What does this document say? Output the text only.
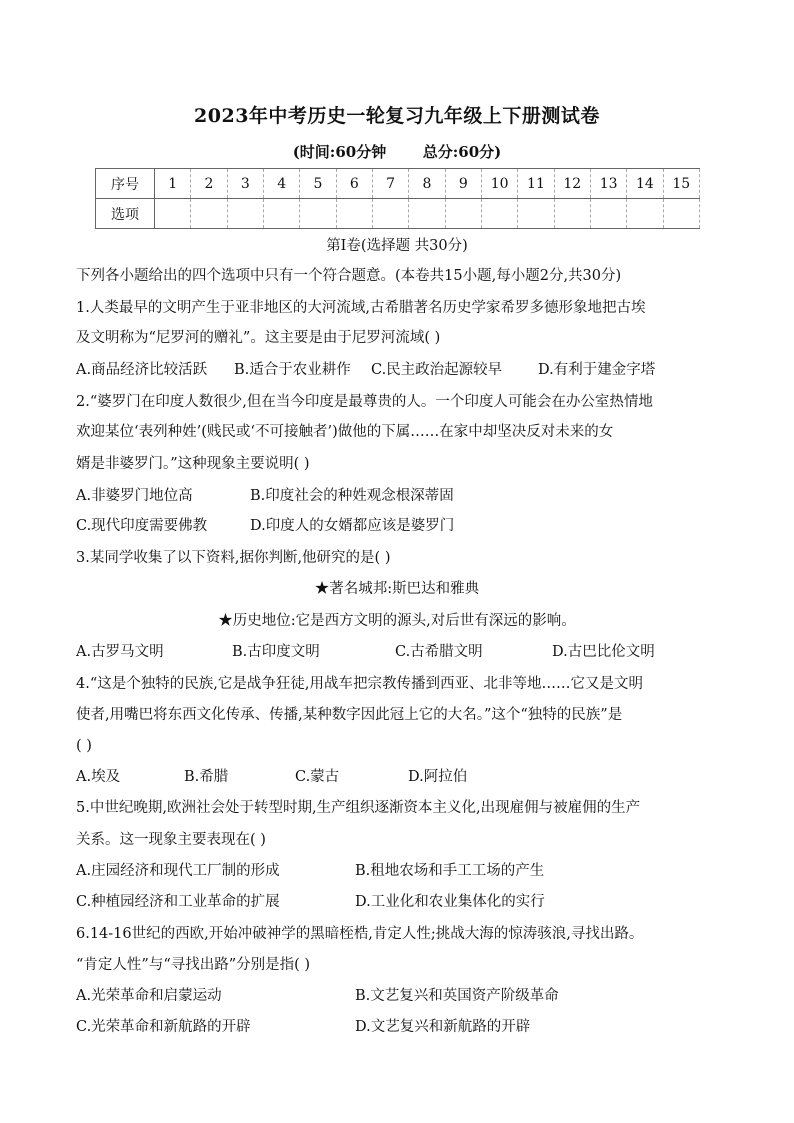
2023年中考历史一轮复习九年级上下册测试卷
(时间:60分钟       总分:60分)
序号	1	2	3	4	5	6	7	8	9	10	11	12	13	14	15
选项															
第Ⅰ卷(选择题 共30分)
下列各小题给出的四个选项中只有一个符合题意。(本卷共15小题,每小题2分,共30分)
1.人类最早的文明产生于亚非地区的大河流域,古希腊著名历史学家希罗多德形象地把古埃
及文明称为“尼罗河的赠礼”。这主要是由于尼罗河流域( )
A.商品经济比较活跃 B.适合于农业耕作 C.民主政治起源较早 D.有利于建金字塔
2.“婆罗门在印度人数很少,但在当今印度是最尊贵的人。一个印度人可能会在办公室热情地
欢迎某位‘表列种姓’(贱民或‘不可接触者’)做他的下属……在家中却坚决反对未来的女
婿是非婆罗门。”这种现象主要说明( )
A.非婆罗门地位高	B.印度社会的种姓观念根深蒂固
C.现代印度需要佛教	D.印度人的女婿都应该是婆罗门
3.某同学收集了以下资料,据你判断,他研究的是( )
★著名城邦:斯巴达和雅典
★历史地位:它是西方文明的源头,对后世有深远的影响。
A.古罗马文明	B.古印度文明	C.古希腊文明	D.古巴比伦文明
4.“这是个独特的民族,它是战争狂徒,用战车把宗教传播到西亚、北非等地……它又是文明
使者,用嘴巴将东西文化传承、传播,某种数字因此冠上它的大名。”这个“独特的民族”是
( )
A.埃及	B.希腊	C.蒙古	D.阿拉伯
5.中世纪晚期,欧洲社会处于转型时期,生产组织逐渐资本主义化,出现雇佣与被雇佣的生产
关系。这一现象主要表现在( )
A.庄园经济和现代工厂制的形成	B.租地农场和手工工场的产生
C.种植园经济和工业革命的扩展	D.工业化和农业集体化的实行
6.14-16世纪的西欧,开始冲破神学的黑暗桎梏,肯定人性;挑战大海的惊涛骇浪,寻找出路。
“肯定人性”与“寻找出路”分别是指( )
A.光荣革命和启蒙运动	B.文艺复兴和英国资产阶级革命
C.光荣革命和新航路的开辟	D.文艺复兴和新航路的开辟
